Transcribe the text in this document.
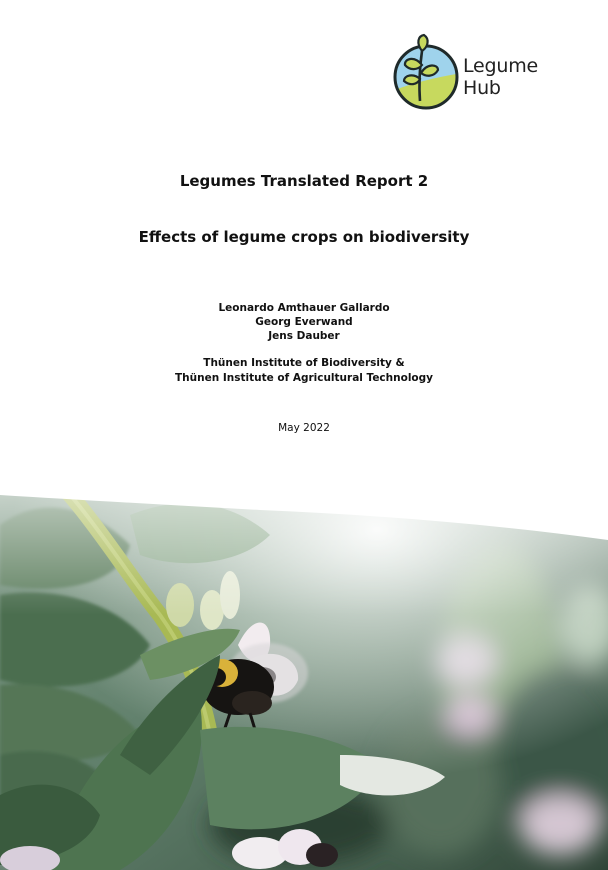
Legume
Hub
Legumes Translated Report 2
Effects of legume crops on biodiversity
Leonardo Amthauer Gallardo
Georg Everwand
Jens Dauber
Thünen Institute of Biodiversity &
Thünen Institute of Agricultural Technology
May 2022
